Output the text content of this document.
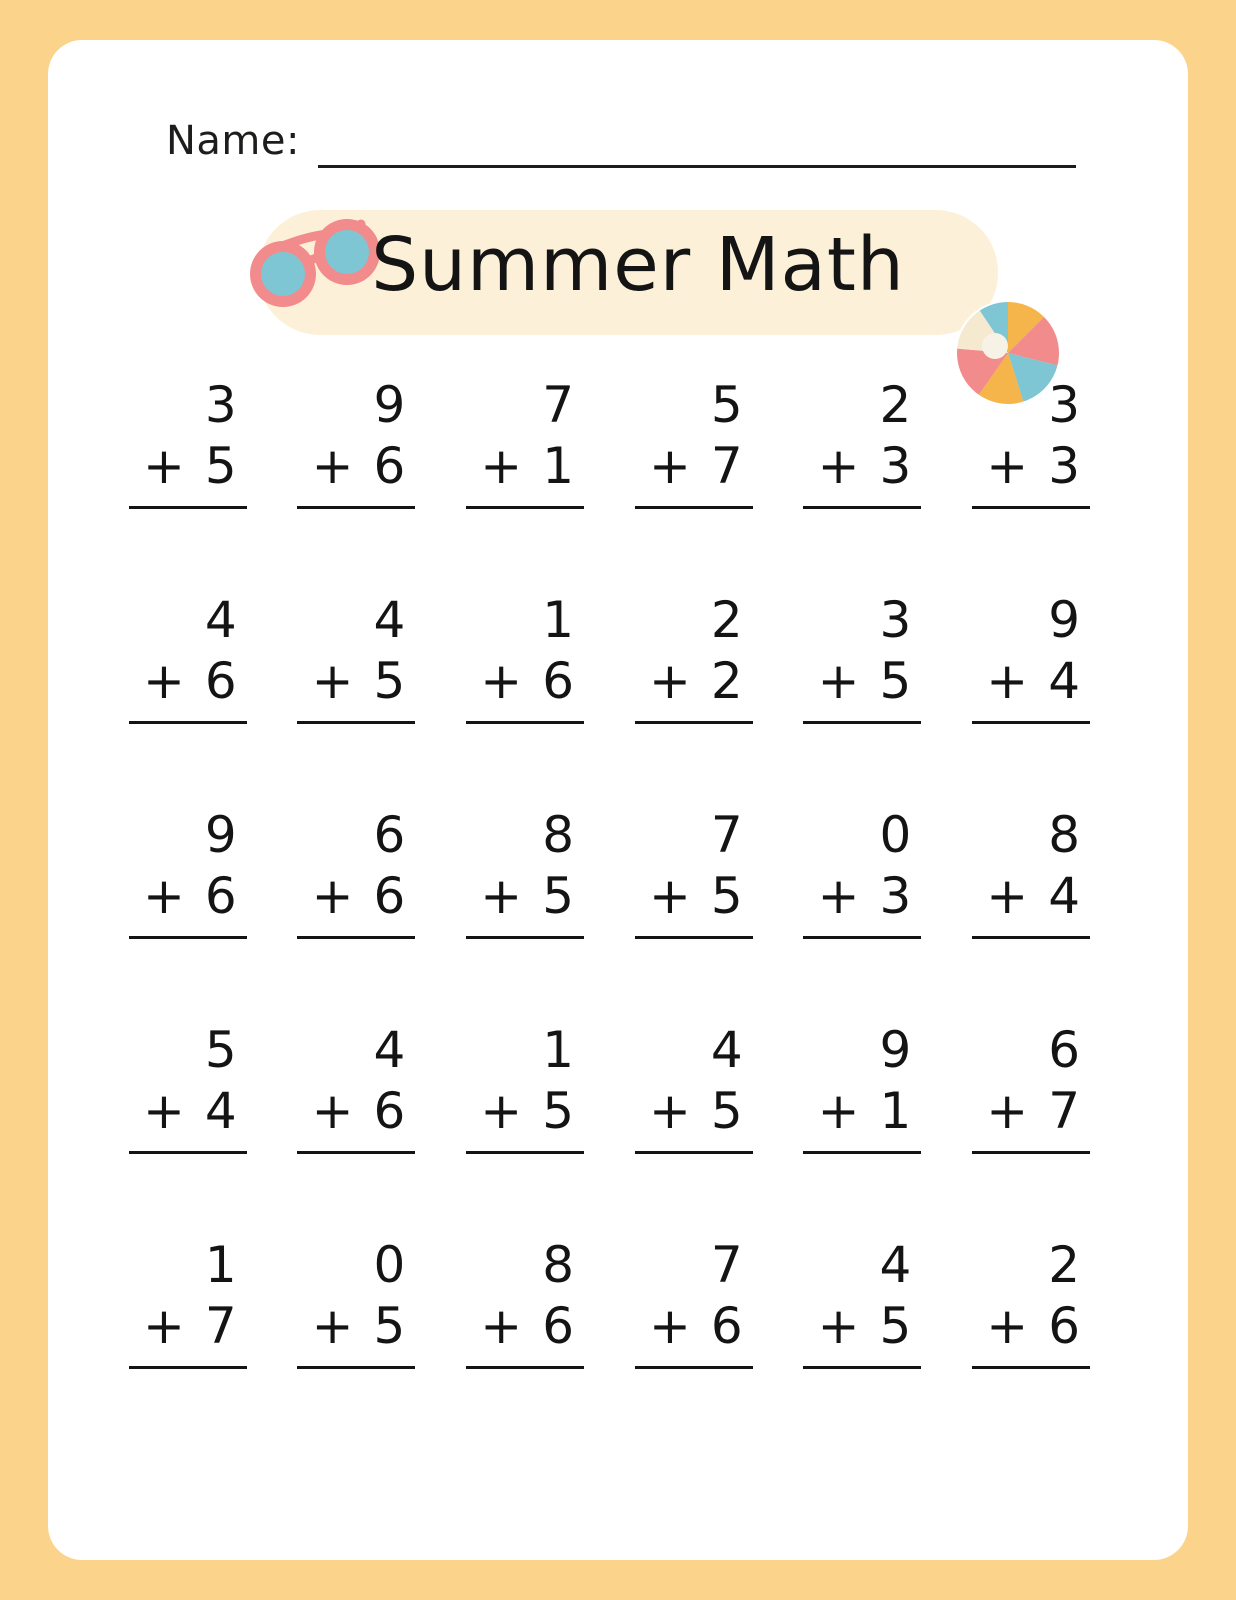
Name:
Summer Math
3
+ 5
9
+ 6
7
+ 1
5
+ 7
2
+ 3
3
+ 3
4
+ 6
4
+ 5
1
+ 6
2
+ 2
3
+ 5
9
+ 4
9
+ 6
6
+ 6
8
+ 5
7
+ 5
0
+ 3
8
+ 4
5
+ 4
4
+ 6
1
+ 5
4
+ 5
9
+ 1
6
+ 7
1
+ 7
0
+ 5
8
+ 6
7
+ 6
4
+ 5
2
+ 6
